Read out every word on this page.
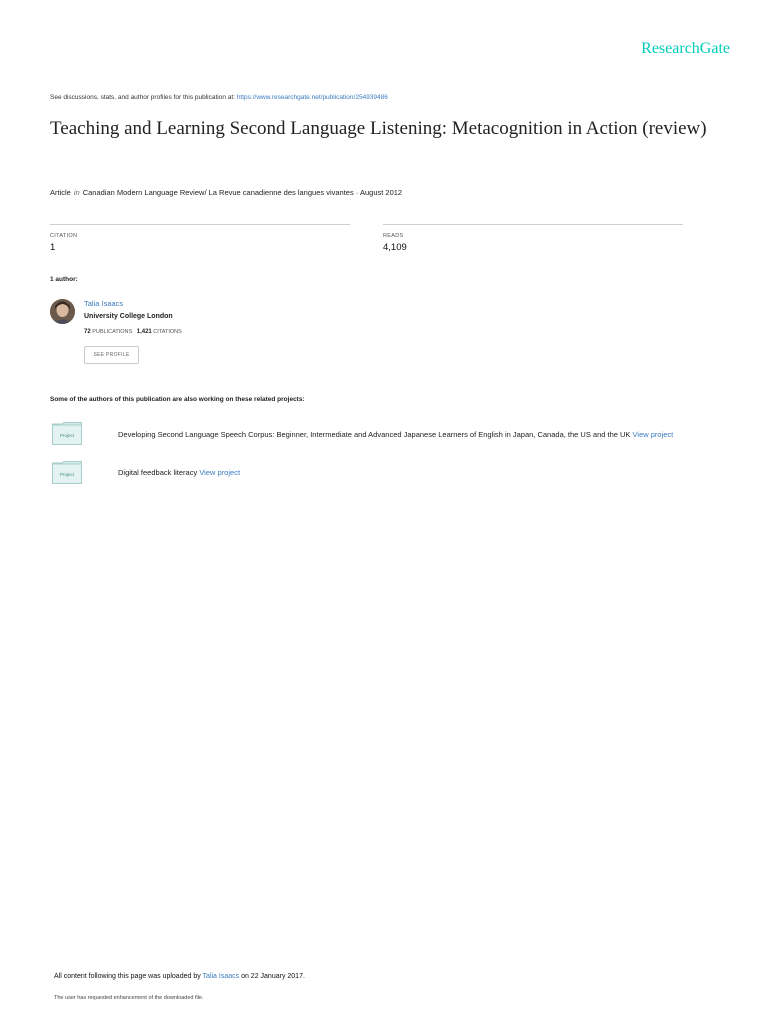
ResearchGate
See discussions, stats, and author profiles for this publication at: https://www.researchgate.net/publication/254939486
Teaching and Learning Second Language Listening: Metacognition in Action (review)
Article in Canadian Modern Language Review/ La Revue canadienne des langues vivantes · August 2012
CITATION
1
READS
4,109
1 author:
Talia Isaacs
University College London
72 PUBLICATIONS 1,421 CITATIONS
SEE PROFILE
Some of the authors of this publication are also working on these related projects:
Project	Developing Second Language Speech Corpus: Beginner, Intermediate and Advanced Japanese Learners of English in Japan, Canada, the US and the UK View project
Project	Digital feedback literacy View project
All content following this page was uploaded by Talia Isaacs on 22 January 2017.
The user has requested enhancement of the downloaded file.
